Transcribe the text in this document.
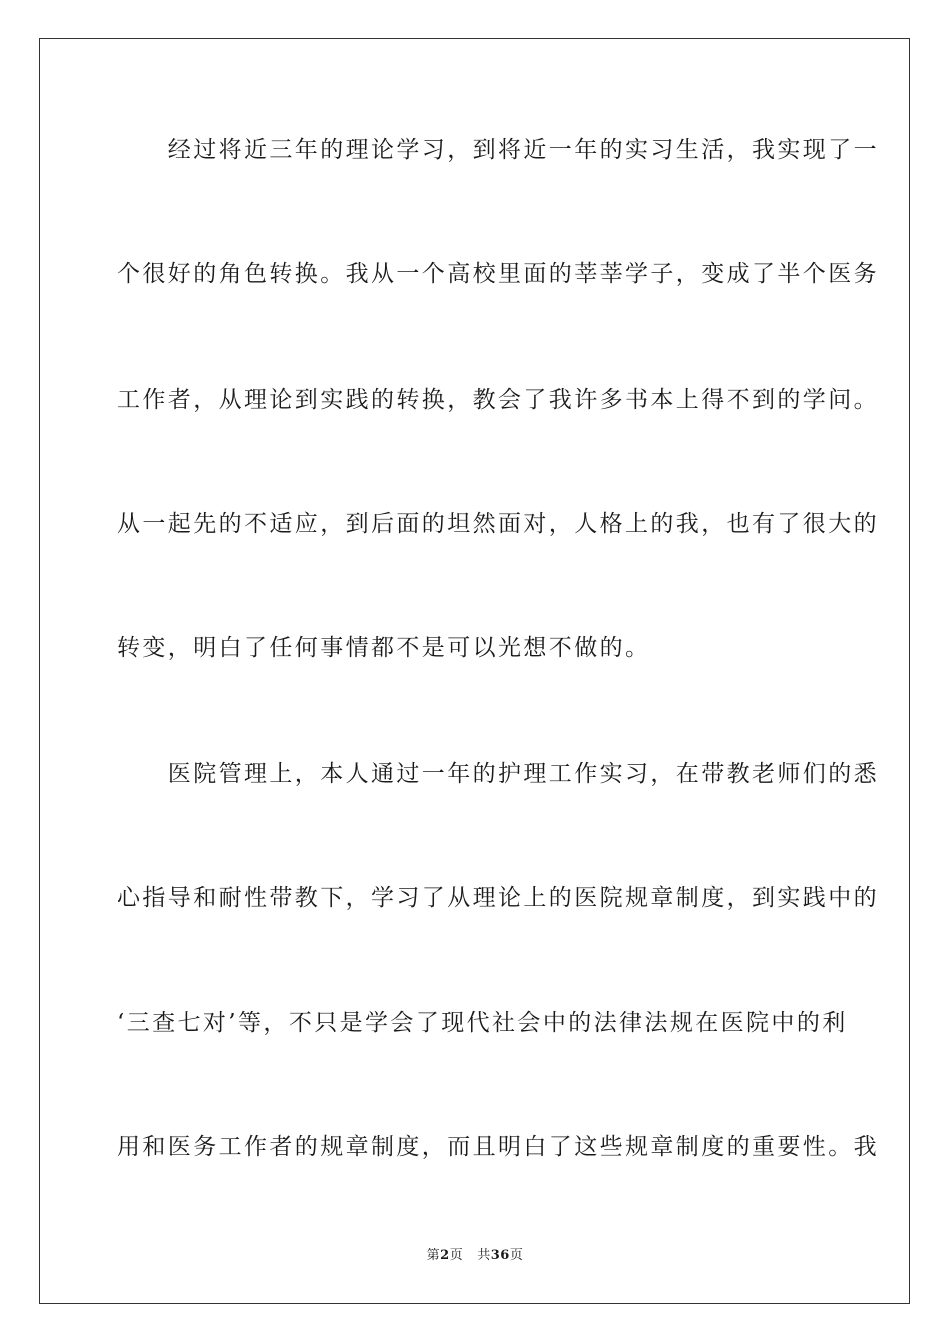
　　经过将近三年的理论学习，到将近一年的实习生活，我实现了一
个很好的角色转换。我从一个高校里面的莘莘学子，变成了半个医务
工作者，从理论到实践的转换，教会了我许多书本上得不到的学问。
从一起先的不适应，到后面的坦然面对，人格上的我，也有了很大的
转变，明白了任何事情都不是可以光想不做的。
　　医院管理上，本人通过一年的护理工作实习，在带教老师们的悉
心指导和耐性带教下，学习了从理论上的医院规章制度，到实践中的
‘三查七对’等，不只是学会了现代社会中的法律法规在医院中的利
用和医务工作者的规章制度，而且明白了这些规章制度的重要性。我
第2页 共36页
